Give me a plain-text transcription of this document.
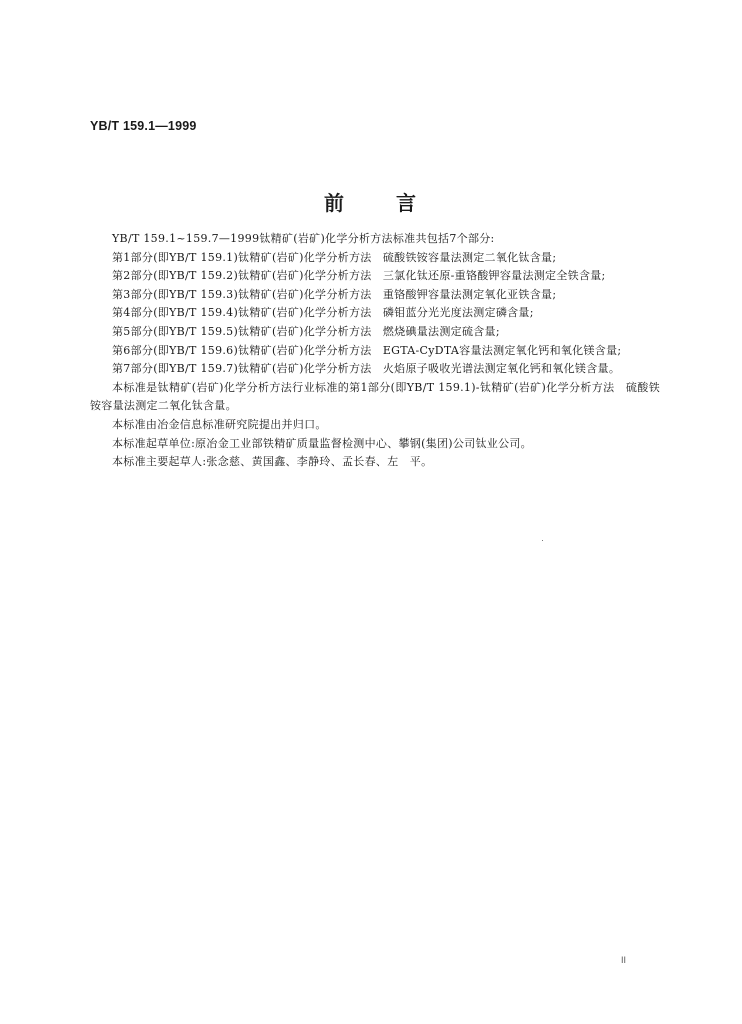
YB/T 159.1—1999
前言

YB/T 159.1~159.7—1999钛精矿(岩矿)化学分析方法标准共包括7个部分:

第1部分(即YB/T 159.1)钛精矿(岩矿)化学分析方法　硫酸铁铵容量法测定二氧化钛含量;

第2部分(即YB/T 159.2)钛精矿(岩矿)化学分析方法　三氯化钛还原-重铬酸钾容量法测定全铁含量;

第3部分(即YB/T 159.3)钛精矿(岩矿)化学分析方法　重铬酸钾容量法测定氧化亚铁含量;

第4部分(即YB/T 159.4)钛精矿(岩矿)化学分析方法　磷钼蓝分光光度法测定磷含量;

第5部分(即YB/T 159.5)钛精矿(岩矿)化学分析方法　燃烧碘量法测定硫含量;

第6部分(即YB/T 159.6)钛精矿(岩矿)化学分析方法　EGTA-CyDTA容量法测定氧化钙和氧化镁含量;

第7部分(即YB/T 159.7)钛精矿(岩矿)化学分析方法　火焰原子吸收光谱法测定氧化钙和氧化镁含量。

本标准是钛精矿(岩矿)化学分析方法行业标准的第1部分(即YB/T 159.1)-钛精矿(岩矿)化学分析方法　硫酸铁铵容量法测定二氧化钛含量。

本标准由冶金信息标准研究院提出并归口。

本标准起草单位:原冶金工业部铁精矿质量监督检测中心、攀钢(集团)公司钛业公司。

本标准主要起草人:张念慈、黄国鑫、李静玲、孟长春、左　平。

II
